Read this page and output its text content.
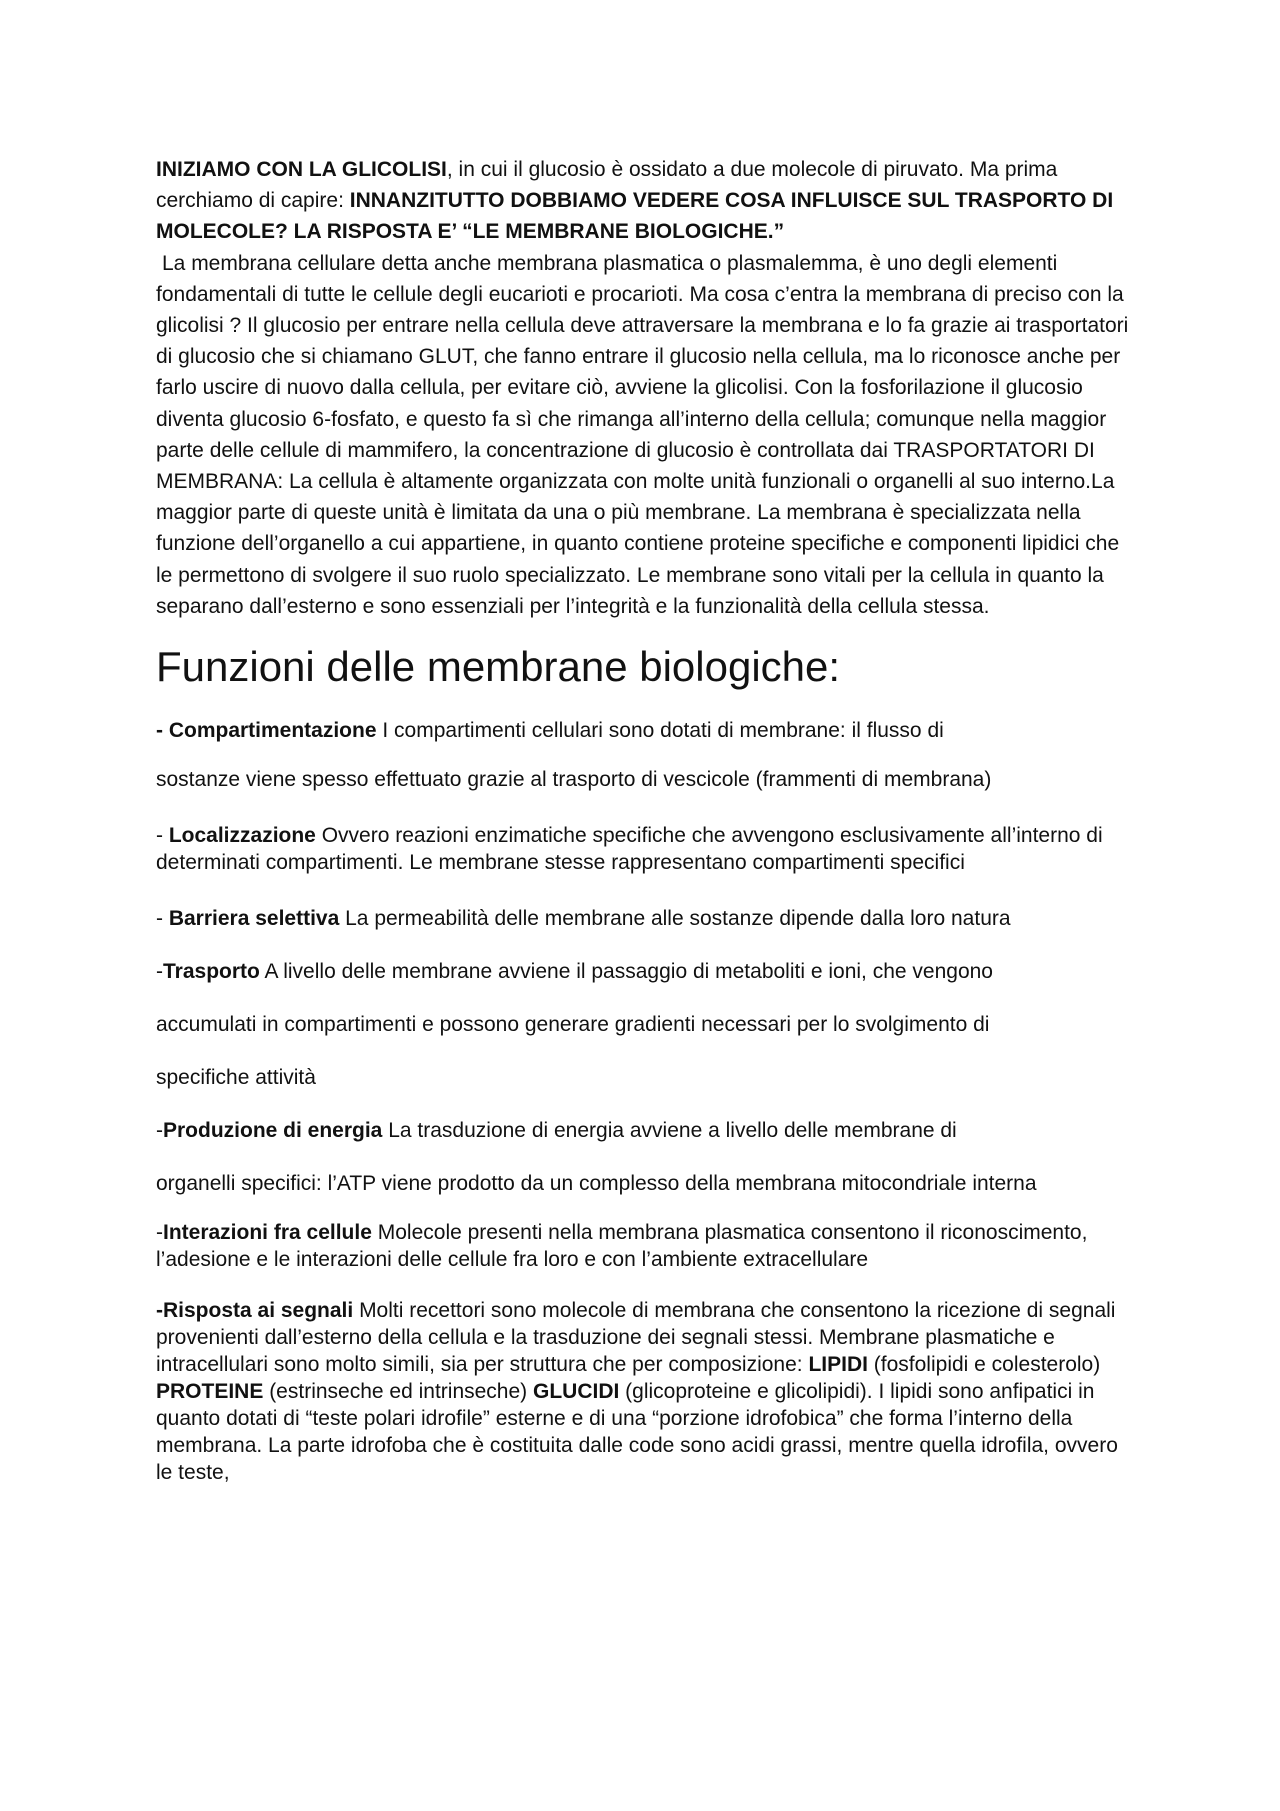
INIZIAMO CON LA GLICOLISI, in cui il glucosio è ossidato a due molecole di piruvato. Ma prima cerchiamo di capire: INNANZITUTTO DOBBIAMO VEDERE COSA INFLUISCE SUL TRASPORTO DI MOLECOLE? LA RISPOSTA E’ “LE MEMBRANE BIOLOGICHE.”

La membrana cellulare detta anche membrana plasmatica o plasmalemma, è uno degli elementi fondamentali di tutte le cellule degli eucarioti e procarioti. Ma cosa c’entra la membrana di preciso con la glicolisi ? Il glucosio per entrare nella cellula deve attraversare la membrana e lo fa grazie ai trasportatori di glucosio che si chiamano GLUT, che fanno entrare il glucosio nella cellula, ma lo riconosce anche per farlo uscire di nuovo dalla cellula, per evitare ciò, avviene la glicolisi. Con la fosforilazione il glucosio diventa glucosio 6-fosfato, e questo fa sì che rimanga all’interno della cellula; comunque nella maggior parte delle cellule di mammifero, la concentrazione di glucosio è controllata dai TRASPORTATORI DI MEMBRANA: La cellula è altamente organizzata con molte unità funzionali o organelli al suo interno.La maggior parte di queste unità è limitata da una o più membrane. La membrana è specializzata nella funzione dell’organello a cui appartiene, in quanto contiene proteine specifiche e componenti lipidici che le permettono di svolgere il suo ruolo specializzato. Le membrane sono vitali per la cellula in quanto la separano dall’esterno e sono essenziali per l’integrità e la funzionalità della cellula stessa.

Funzioni delle membrane biologiche:
- Compartimentazione I compartimenti cellulari sono dotati di membrane: il flusso di
sostanze viene spesso effettuato grazie al trasporto di vescicole (frammenti di membrana)
- Localizzazione Ovvero reazioni enzimatiche specifiche che avvengono esclusivamente all’interno di determinati compartimenti. Le membrane stesse rappresentano compartimenti specifici
- Barriera selettiva La permeabilità delle membrane alle sostanze dipende dalla loro natura
-Trasporto A livello delle membrane avviene il passaggio di metaboliti e ioni, che vengono
accumulati in compartimenti e possono generare gradienti necessari per lo svolgimento di
specifiche attività
-Produzione di energia La trasduzione di energia avviene a livello delle membrane di
organelli specifici: l’ATP viene prodotto da un complesso della membrana mitocondriale interna
-Interazioni fra cellule Molecole presenti nella membrana plasmatica consentono il riconoscimento, l’adesione e le interazioni delle cellule fra loro e con l’ambiente extracellulare

-Risposta ai segnali Molti recettori sono molecole di membrana che consentono la ricezione di segnali provenienti dall’esterno della cellula e la trasduzione dei segnali stessi. Membrane plasmatiche e intracellulari sono molto simili, sia per struttura che per composizione: LIPIDI (fosfolipidi e colesterolo) PROTEINE (estrinseche ed intrinseche) GLUCIDI (glicoproteine e glicolipidi). I lipidi sono anfipatici in quanto dotati di “teste polari idrofile” esterne e di una “porzione idrofobica” che forma l’interno della membrana. La parte idrofoba che è costituita dalle code sono acidi grassi, mentre quella idrofila, ovvero le teste,
